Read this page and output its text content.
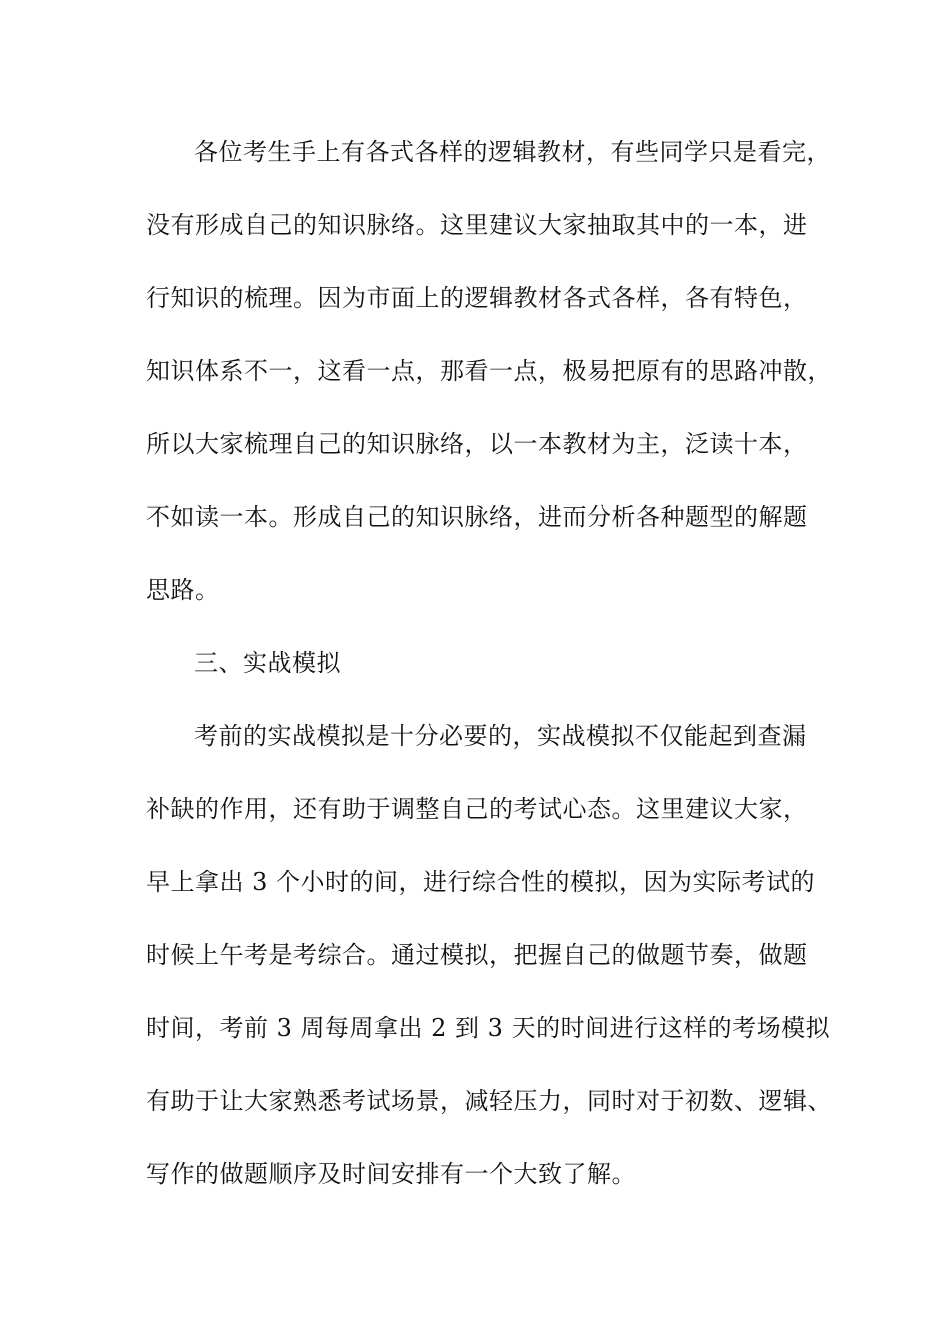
各位考生手上有各式各样的逻辑教材，有些同学只是看完，
没有形成自己的知识脉络。这里建议大家抽取其中的一本，进
行知识的梳理。因为市面上的逻辑教材各式各样，各有特色，
知识体系不一，这看一点，那看一点，极易把原有的思路冲散，
所以大家梳理自己的知识脉络，以一本教材为主，泛读十本，
不如读一本。形成自己的知识脉络，进而分析各种题型的解题
思路。
三、实战模拟
考前的实战模拟是十分必要的，实战模拟不仅能起到查漏
补缺的作用，还有助于调整自己的考试心态。这里建议大家，
早上拿出 3 个小时的间，进行综合性的模拟，因为实际考试的
时候上午考是考综合。通过模拟，把握自己的做题节奏，做题
时间，考前 3 周每周拿出 2 到 3 天的时间进行这样的考场模拟
有助于让大家熟悉考试场景，减轻压力，同时对于初数、逻辑、
写作的做题顺序及时间安排有一个大致了解。
